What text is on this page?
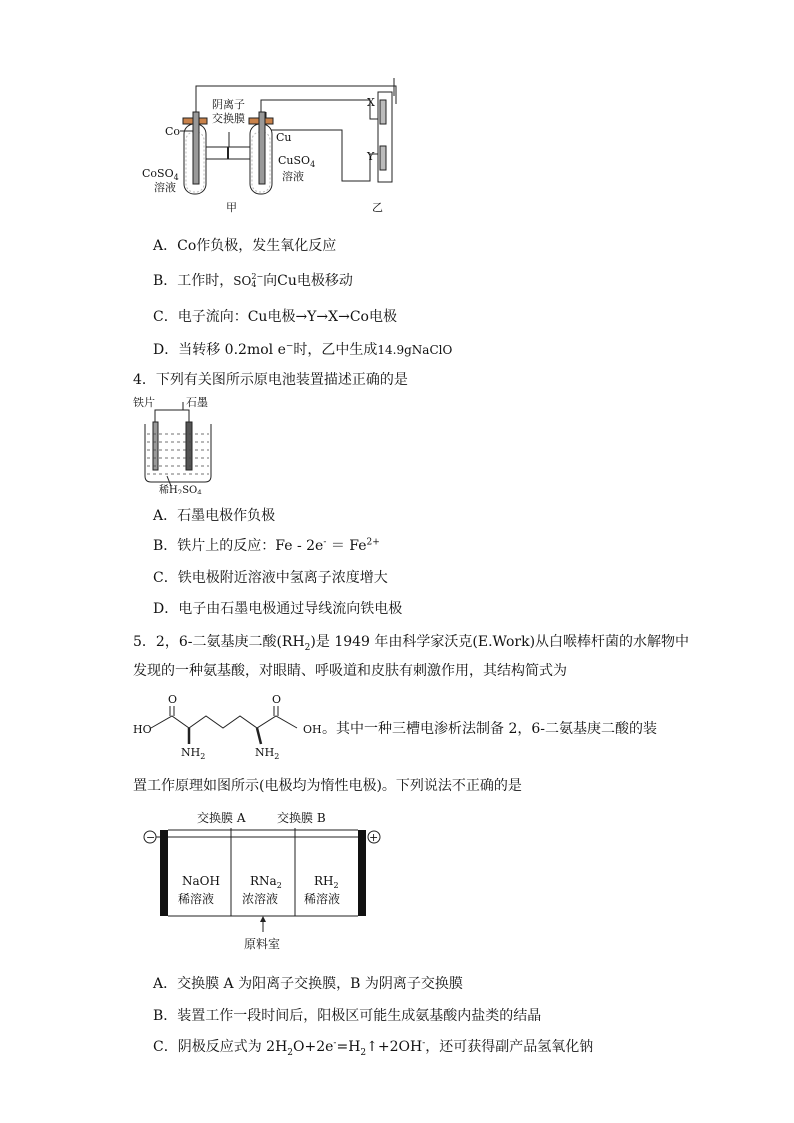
阴离子
交换膜
Co	Cu
CoSO$_4$
溶液
CuSO$_4$
溶液
X
Y
甲	乙
A．Co作负极，发生氧化反应
B．工作时，SO 2−
4 向Cu电极移动
C．电子流向：Cu电极→Y→X→Co电极
D．当转移 0.2mol e−时，乙中生成14.9gNaClO
4．下列有关图所示原电池装置描述正确的是
铁片	石墨
稀$H_2SO_4$
A．石墨电极作负极
B．铁片上的反应：$Fe - 2e^- = Fe^{2+}$
C．铁电极附近溶液中氢离子浓度增大
D．电子由石墨电极通过导线流向铁电极
5．2，6-二氨基庚二酸$(RH_2)$是 1949 年由科学家沃克(E.Work)从白喉棒杆菌的水解物中
发现的一种氨基酸，对眼睛、呼吸道和皮肤有刺激作用，其结构简式为
HO
O	O
OH
$NH_2$	$NH_2$
。其中一种三槽电渗析法制备 2，6-二氨基庚二酸的装
置工作原理如图所示(电极均为惰性电极)。下列说法不正确的是
交换膜 A	交换膜 B
−	+
NaOH
稀溶液
RNa$_2$
浓溶液
$RH_2$
稀溶液
原料室
A．交换膜 A 为阳离子交换膜，B 为阴离子交换膜
B．装置工作一段时间后，阳极区可能生成氨基酸内盐类的结晶
C．阴极反应式为 $2H_2O+2e^-=H_2↑+2OH^-$，还可获得副产品氢氧化钠
